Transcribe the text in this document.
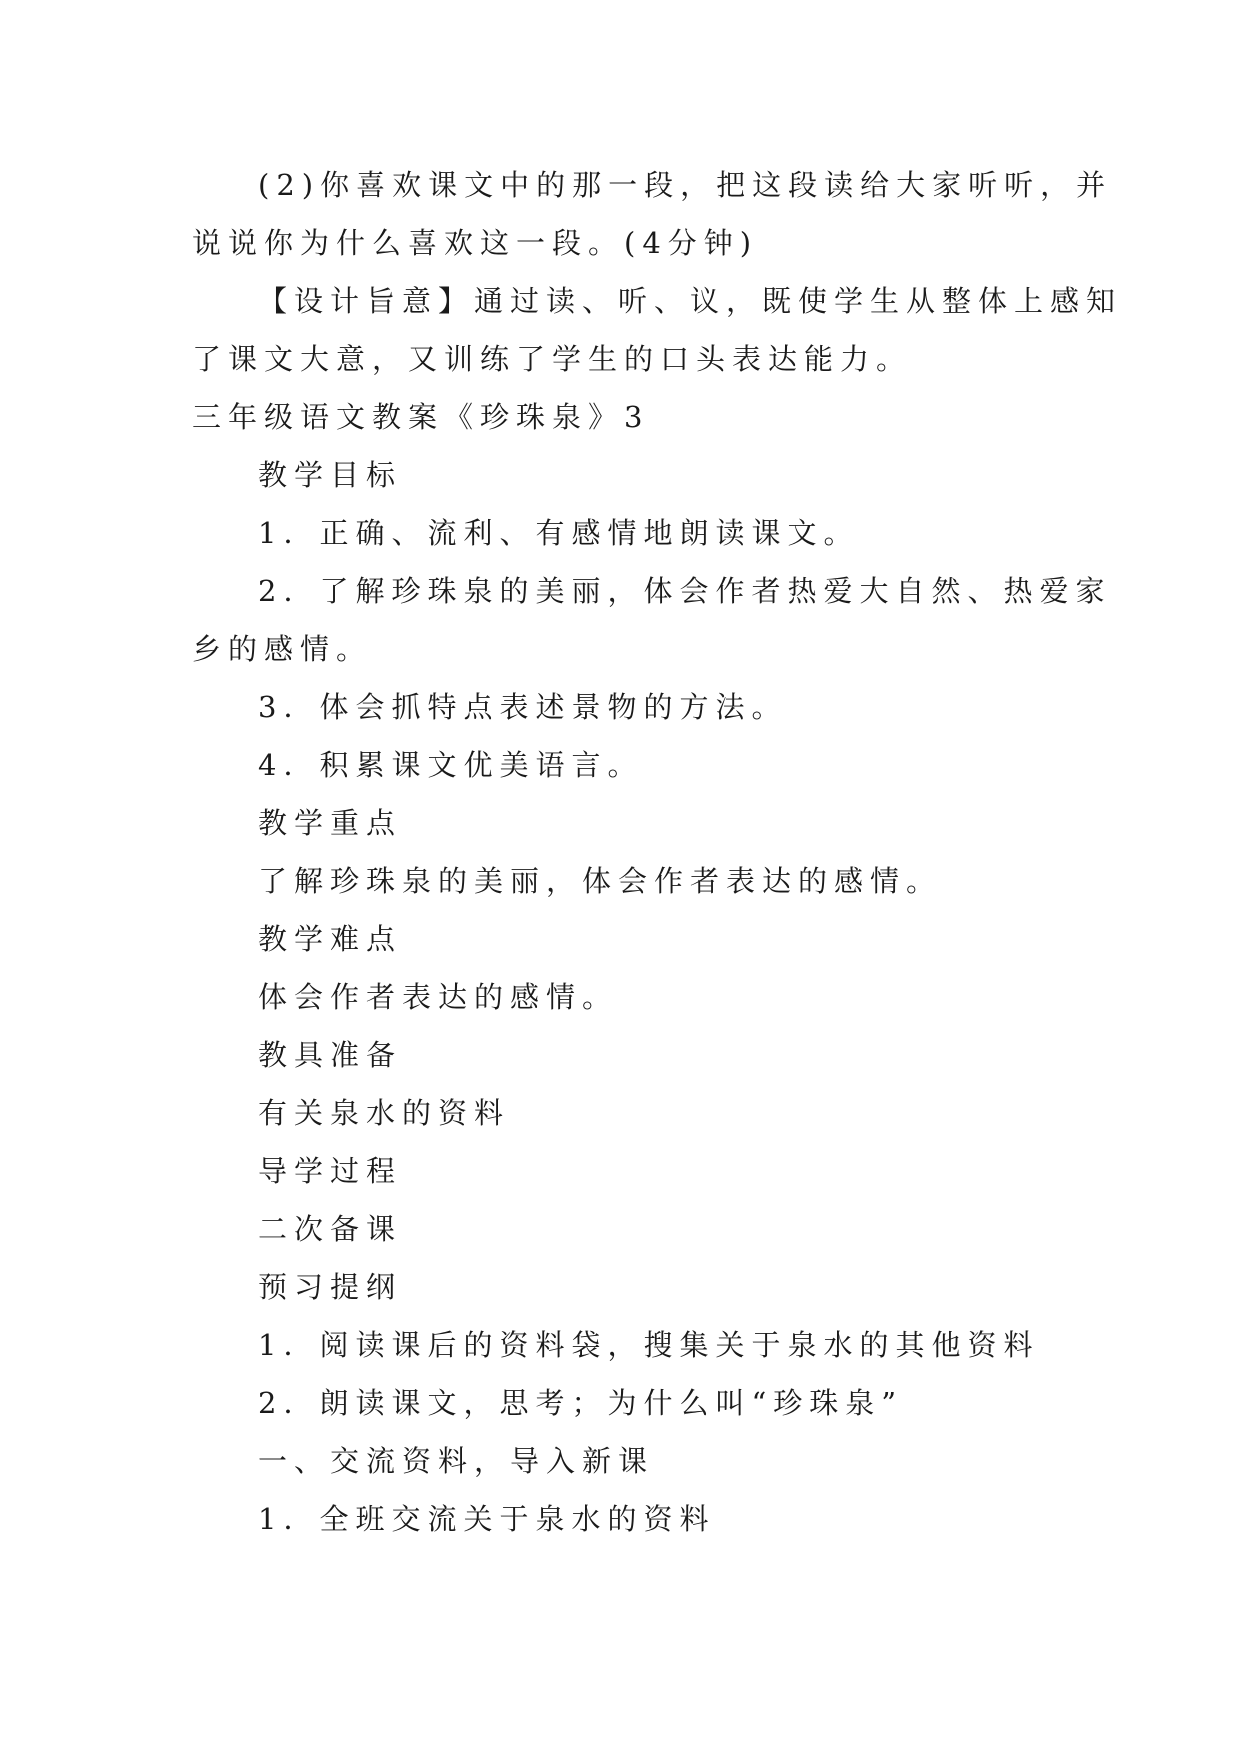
(2)你喜欢课文中的那一段，把这段读给大家听听，并
说说你为什么喜欢这一段。(4分钟)
【设计旨意】通过读、听、议，既使学生从整体上感知
了课文大意，又训练了学生的口头表达能力。
三年级语文教案《珍珠泉》3
教学目标
1．正确、流利、有感情地朗读课文。
2．了解珍珠泉的美丽，体会作者热爱大自然、热爱家
乡的感情。
3．体会抓特点表述景物的方法。
4．积累课文优美语言。
教学重点
了解珍珠泉的美丽，体会作者表达的感情。
教学难点
体会作者表达的感情。
教具准备
有关泉水的资料
导学过程
二次备课
预习提纲
1．阅读课后的资料袋，搜集关于泉水的其他资料
2．朗读课文，思考；为什么叫“珍珠泉”
一、交流资料，导入新课
1．全班交流关于泉水的资料
